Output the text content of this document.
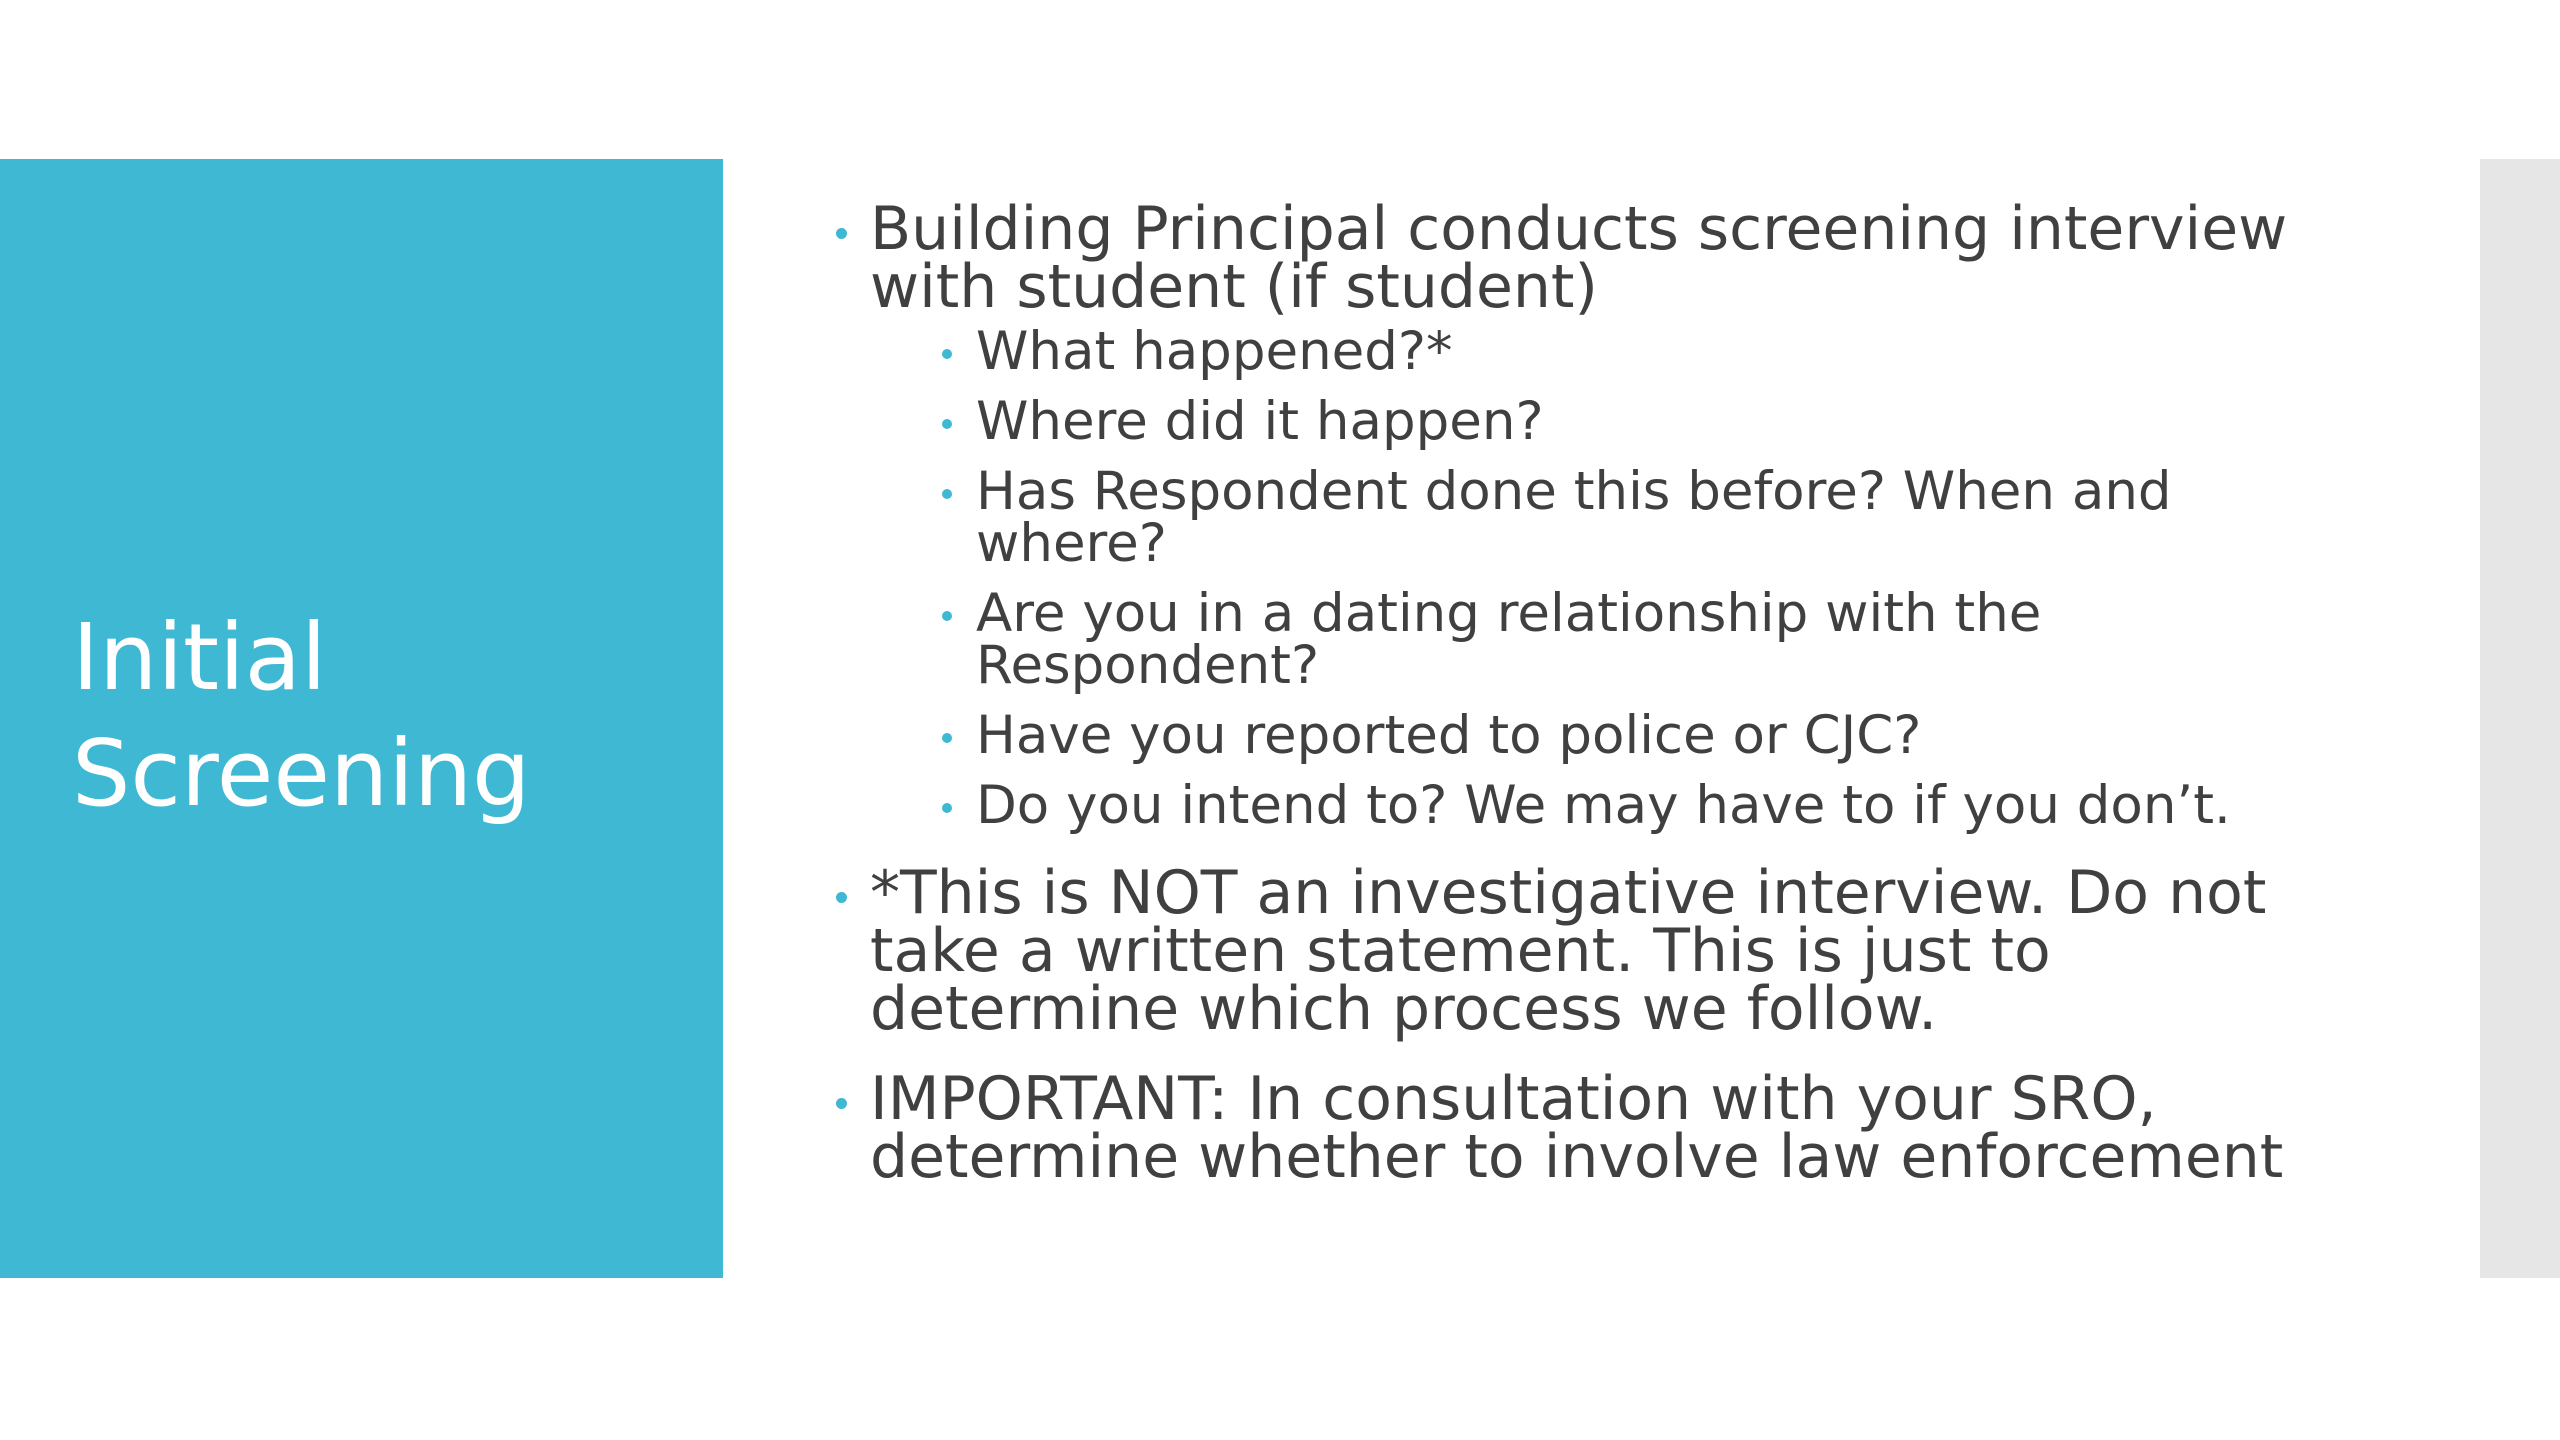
Initial
Screening
Building Principal conducts screening interview with student (if student)
What happened?*
Where did it happen?
Has Respondent done this before? When and where?
Are you in a dating relationship with the Respondent?
Have you reported to police or CJC?
Do you intend to? We may have to if you don’t.
*This is NOT an investigative interview. Do not take a written statement. This is just to determine which process we follow.
IMPORTANT: In consultation with your SRO, determine whether to involve law enforcement
